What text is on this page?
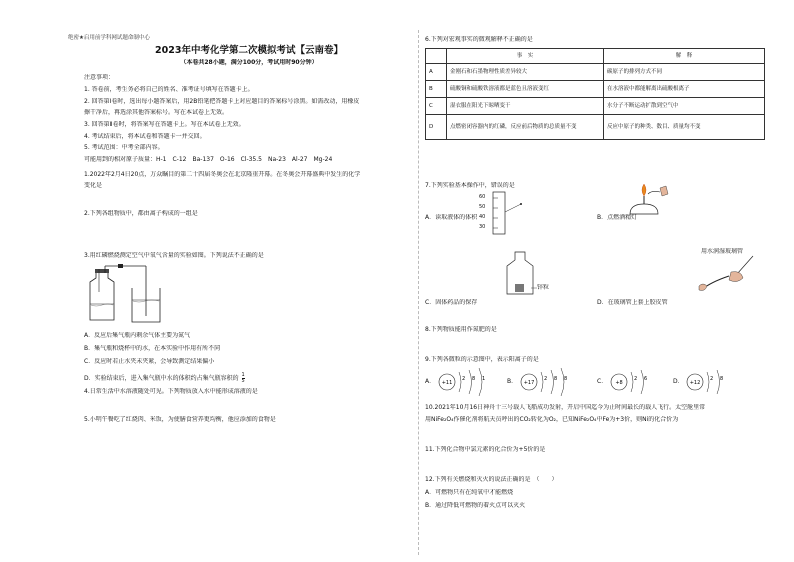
绝密★启用前学科网试题命制中心
2023年中考化学第二次模拟考试【云南卷】
（本卷共28小题，满分100分，考试用时90分钟）
注意事项：
1. 答卷前，考生务必将自己的姓名、准考证号填写在答题卡上。
2. 回答第Ⅰ卷时，选出每小题答案后，用2B铅笔把答题卡上对应题目的答案标号涂黑。如需改动，用橡皮
擦干净后，再选涂其他答案标号。写在本试卷上无效。
3. 回答第Ⅱ卷时，将答案写在答题卡上。写在本试卷上无效。
4. 考试结束后，将本试卷和答题卡一并交回。
5. 考试范围：中考全部内容。
可能用到的相对原子质量：H-1　C-12　Ba-137　O-16　Cl-35.5　Na-23　Al-27　Mg-24
1.2022年2月4日20点，万众瞩目的第二十四届冬奥会在北京隆重开幕。在冬奥会开幕盛典中发生的化学
变化是
2.下列各组物质中，都由离子构成的一组是
3.用红磷燃烧测定空气中氧气含量的实验如图。下列说法不正确的是
A．反应后集气瓶内剩余气体主要为氮气
B．集气瓶和烧杯中的水，在本实验中作用有所不同
C．反应时若止水夹未夹紧，会导致测定结果偏小
D．实验结束后，进入集气瓶中水的体积约占集气瓶容积的 $\frac{1}{5}$
4.日常生活中水溶液随处可见。下列物质放入水中能形成溶液的是
5.小明午餐吃了红烧肉、米饭，为使膳食营养更均衡，他应添加的食物是
6.下列对宏观事实的微观解释不正确的是
	事　实	解　释
A	金刚石和石墨物理性质差异较大	碳原子的排列方式不同
B	硫酸铜和硫酸铁溶液都是蓝色且溶液变红	在水溶液中都能解离出硫酸根离子
C	湿衣服在阳光下晾晒变干	水分子不断运动扩散到空气中
D	点燃密闭容器内的红磷，反应前后物质的总质量不变	反应中原子的种类、数目、质量均不变
7.下列实验基本操作中，错误的是
A．读取液体的体积
60
50
40
30
B．点燃酒精灯
锌粒
C．固体药品的保存	D．在玻璃管上套上胶皮管
用水润湿玻璃管
8.下列物质能用作氮肥的是
9.下列各微粒的示意图中，表示阳离子的是
A．	B．	C．	D．
+11
2 8 1
+17
2 8 8
+8
2 6
+12
2 8
10.2021年10月16日神舟十三号载人飞船成功发射，开启中国迄今为止时间最长的载人飞行。太空舱里常
用NiFe₂O₄作催化剂将航天员呼出的CO₂转化为O₂，已知NiFe₂O₄中Fe为+3价，则Ni的化合价为
11.下列化合物中氯元素的化合价为+5价的是
12.下列有关燃烧和灭火的说法正确的是　（　　）
A．可燃物只有在纯氧中才能燃烧
B．通过降低可燃物的着火点可以灭火
